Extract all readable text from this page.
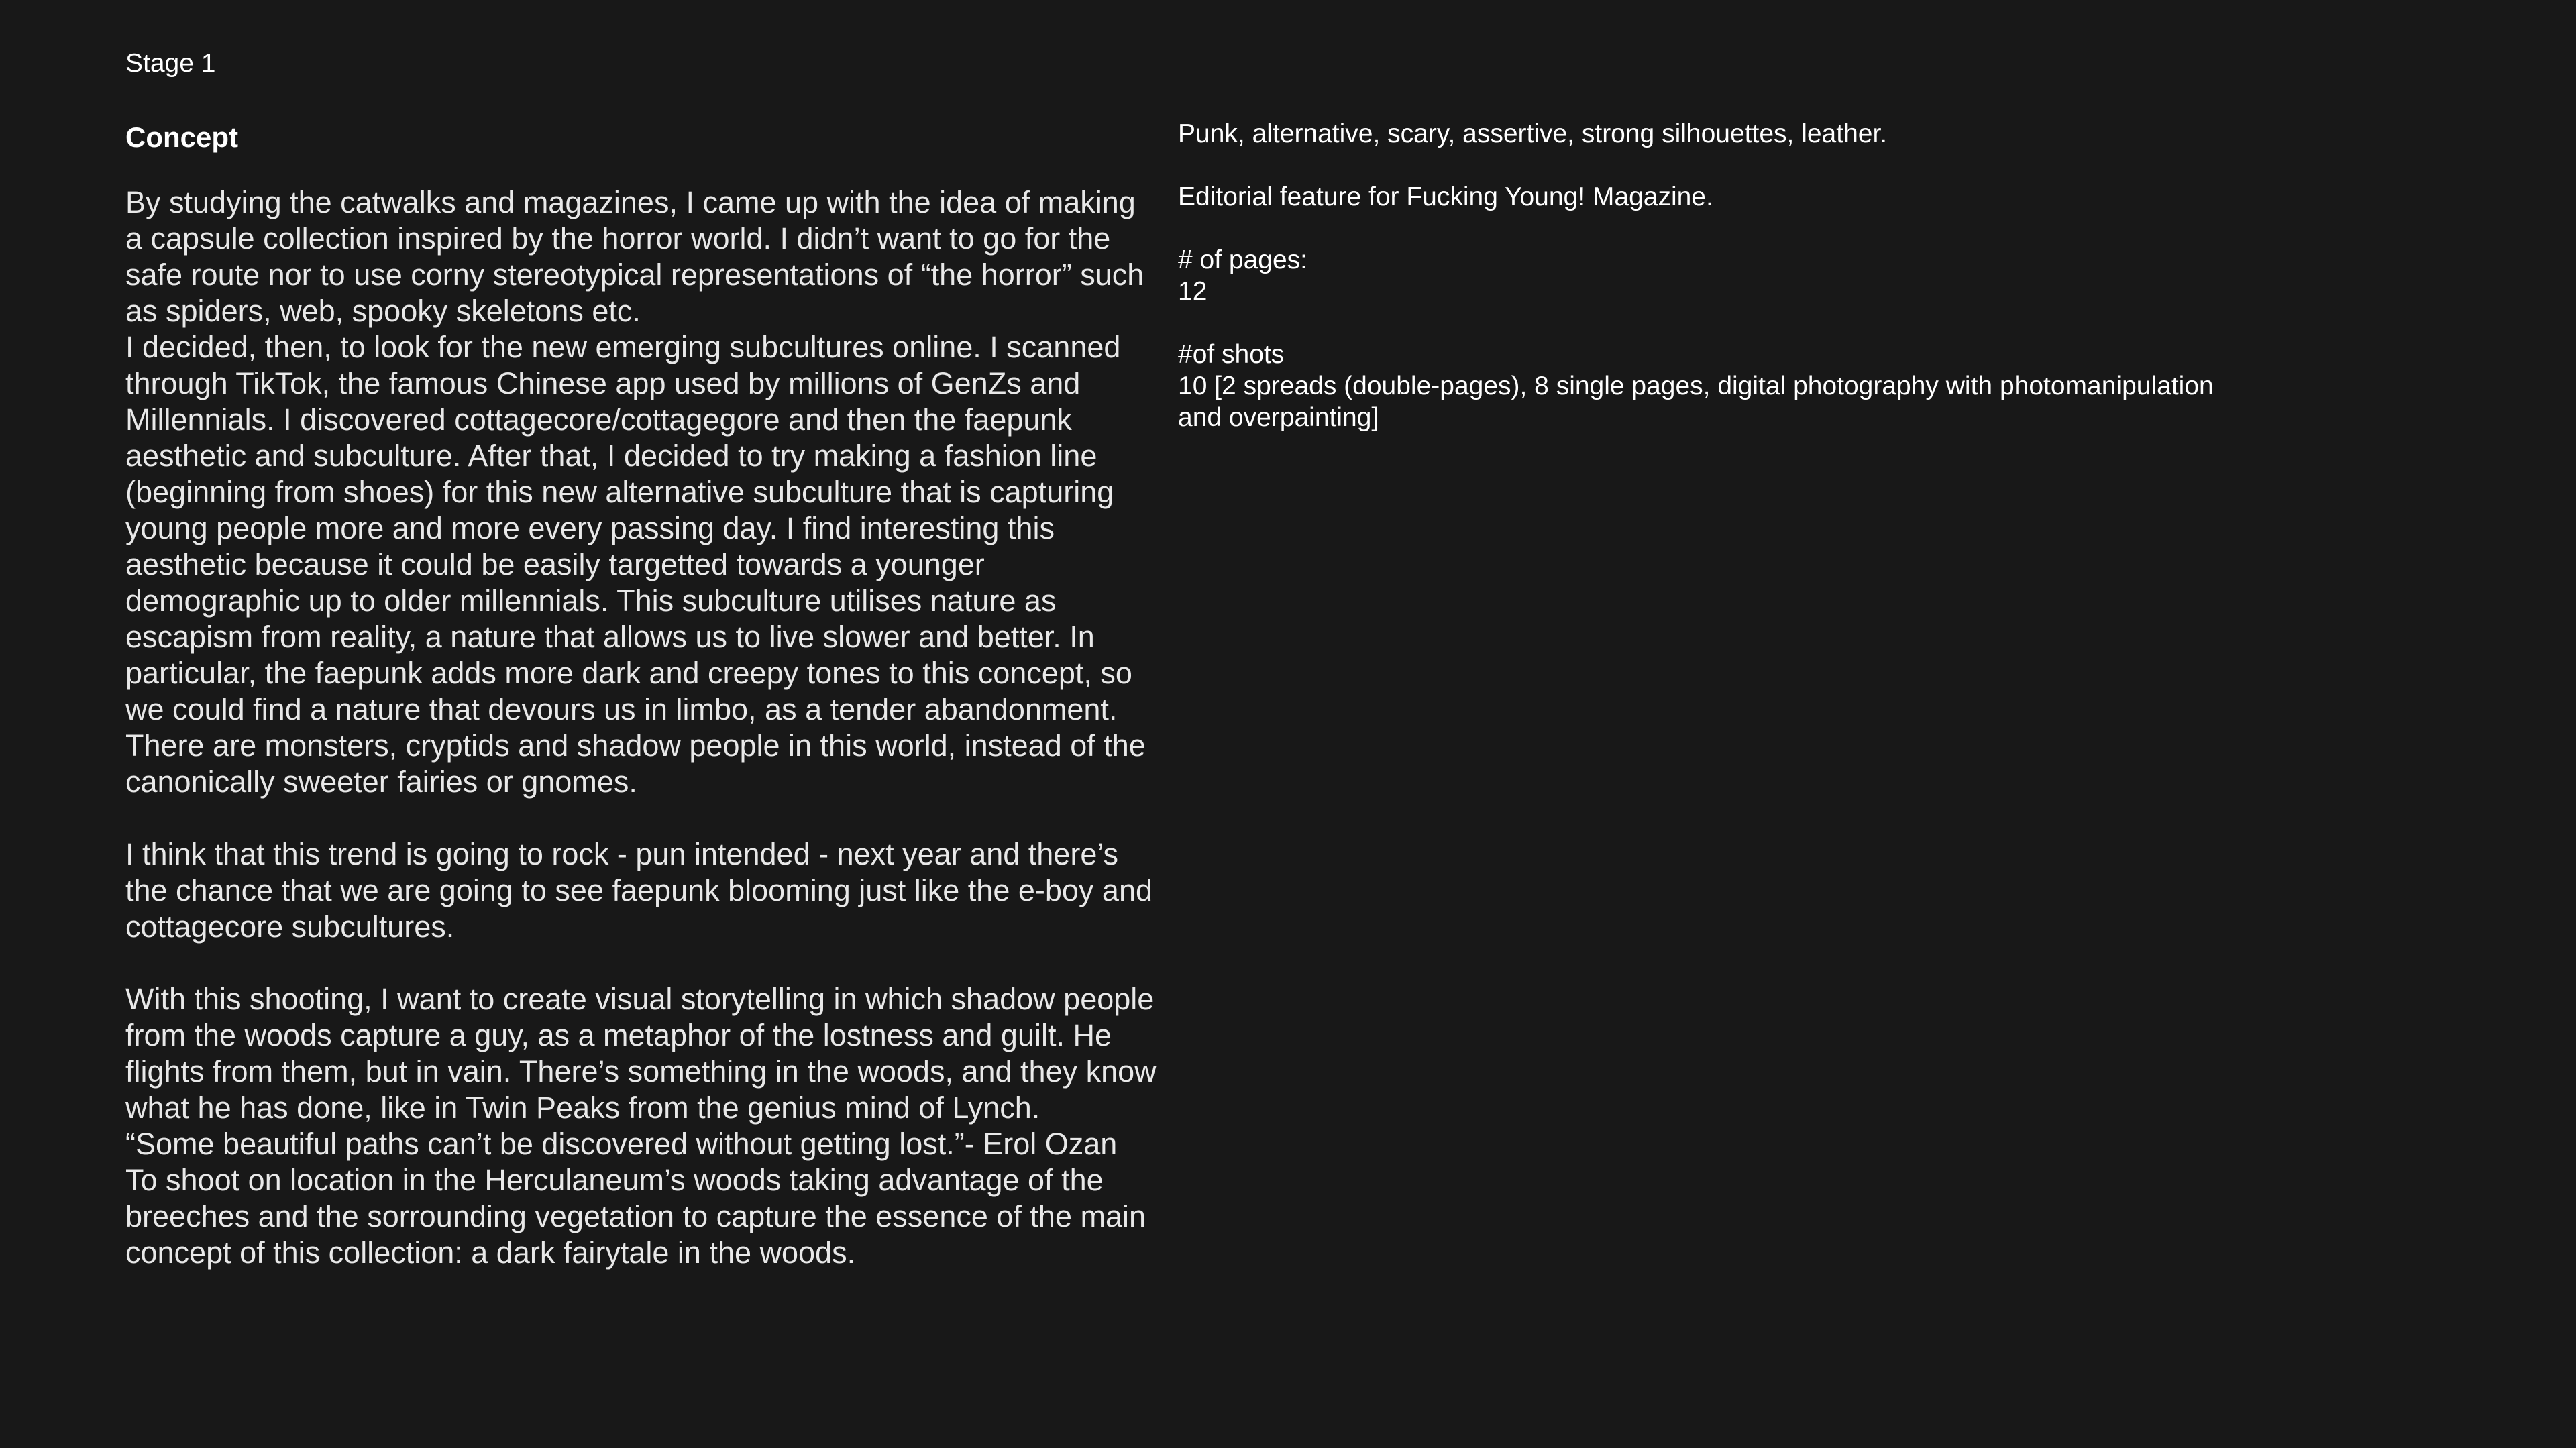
Stage 1
Concept

By studying the catwalks and magazines, I came up with the idea of making a capsule collection inspired by the horror world. I didn’t want to go for the safe route nor to use corny stereotypical representations of “the horror” such as spiders, web, spooky skeletons etc.

I decided, then, to look for the new emerging subcultures online. I scanned through TikTok, the famous Chinese app used by millions of GenZs and Millennials. I discovered cottagecore/cottagegore and then the faepunk aesthetic and subculture. After that, I decided to try making a fashion line (beginning from shoes) for this new alternative subculture that is capturing young people more and more every passing day. I find interesting this aesthetic because it could be easily targetted towards a younger demographic up to older millennials. This subculture utilises nature as escapism from reality, a nature that allows us to live slower and better. In particular, the faepunk adds more dark and creepy tones to this concept, so we could find a nature that devours us in limbo, as a tender abandonment. There are monsters, cryptids and shadow people in this world, instead of the canonically sweeter fairies or gnomes.

I think that this trend is going to rock - pun intended - next year and there’s the chance that we are going to see faepunk blooming just like the e-boy and cottagecore subcultures.

With this shooting, I want to create visual storytelling in which shadow people from the woods capture a guy, as a metaphor of the lostness and guilt. He flights from them, but in vain. There’s something in the woods, and they know what he has done, like in Twin Peaks from the genius mind of Lynch.

“Some beautiful paths can’t be discovered without getting lost.”- Erol Ozan

To shoot on location in the Herculaneum’s woods taking advantage of the breeches and the sorrounding vegetation to capture the essence of the main concept of this collection: a dark fairytale in the woods.

Punk, alternative, scary, assertive, strong silhouettes, leather.
Editorial feature for Fucking Young! Magazine.
# of pages:
12
#of shots
10 [2 spreads (double-pages), 8 single pages, digital photography with photomanipulation and overpainting]
